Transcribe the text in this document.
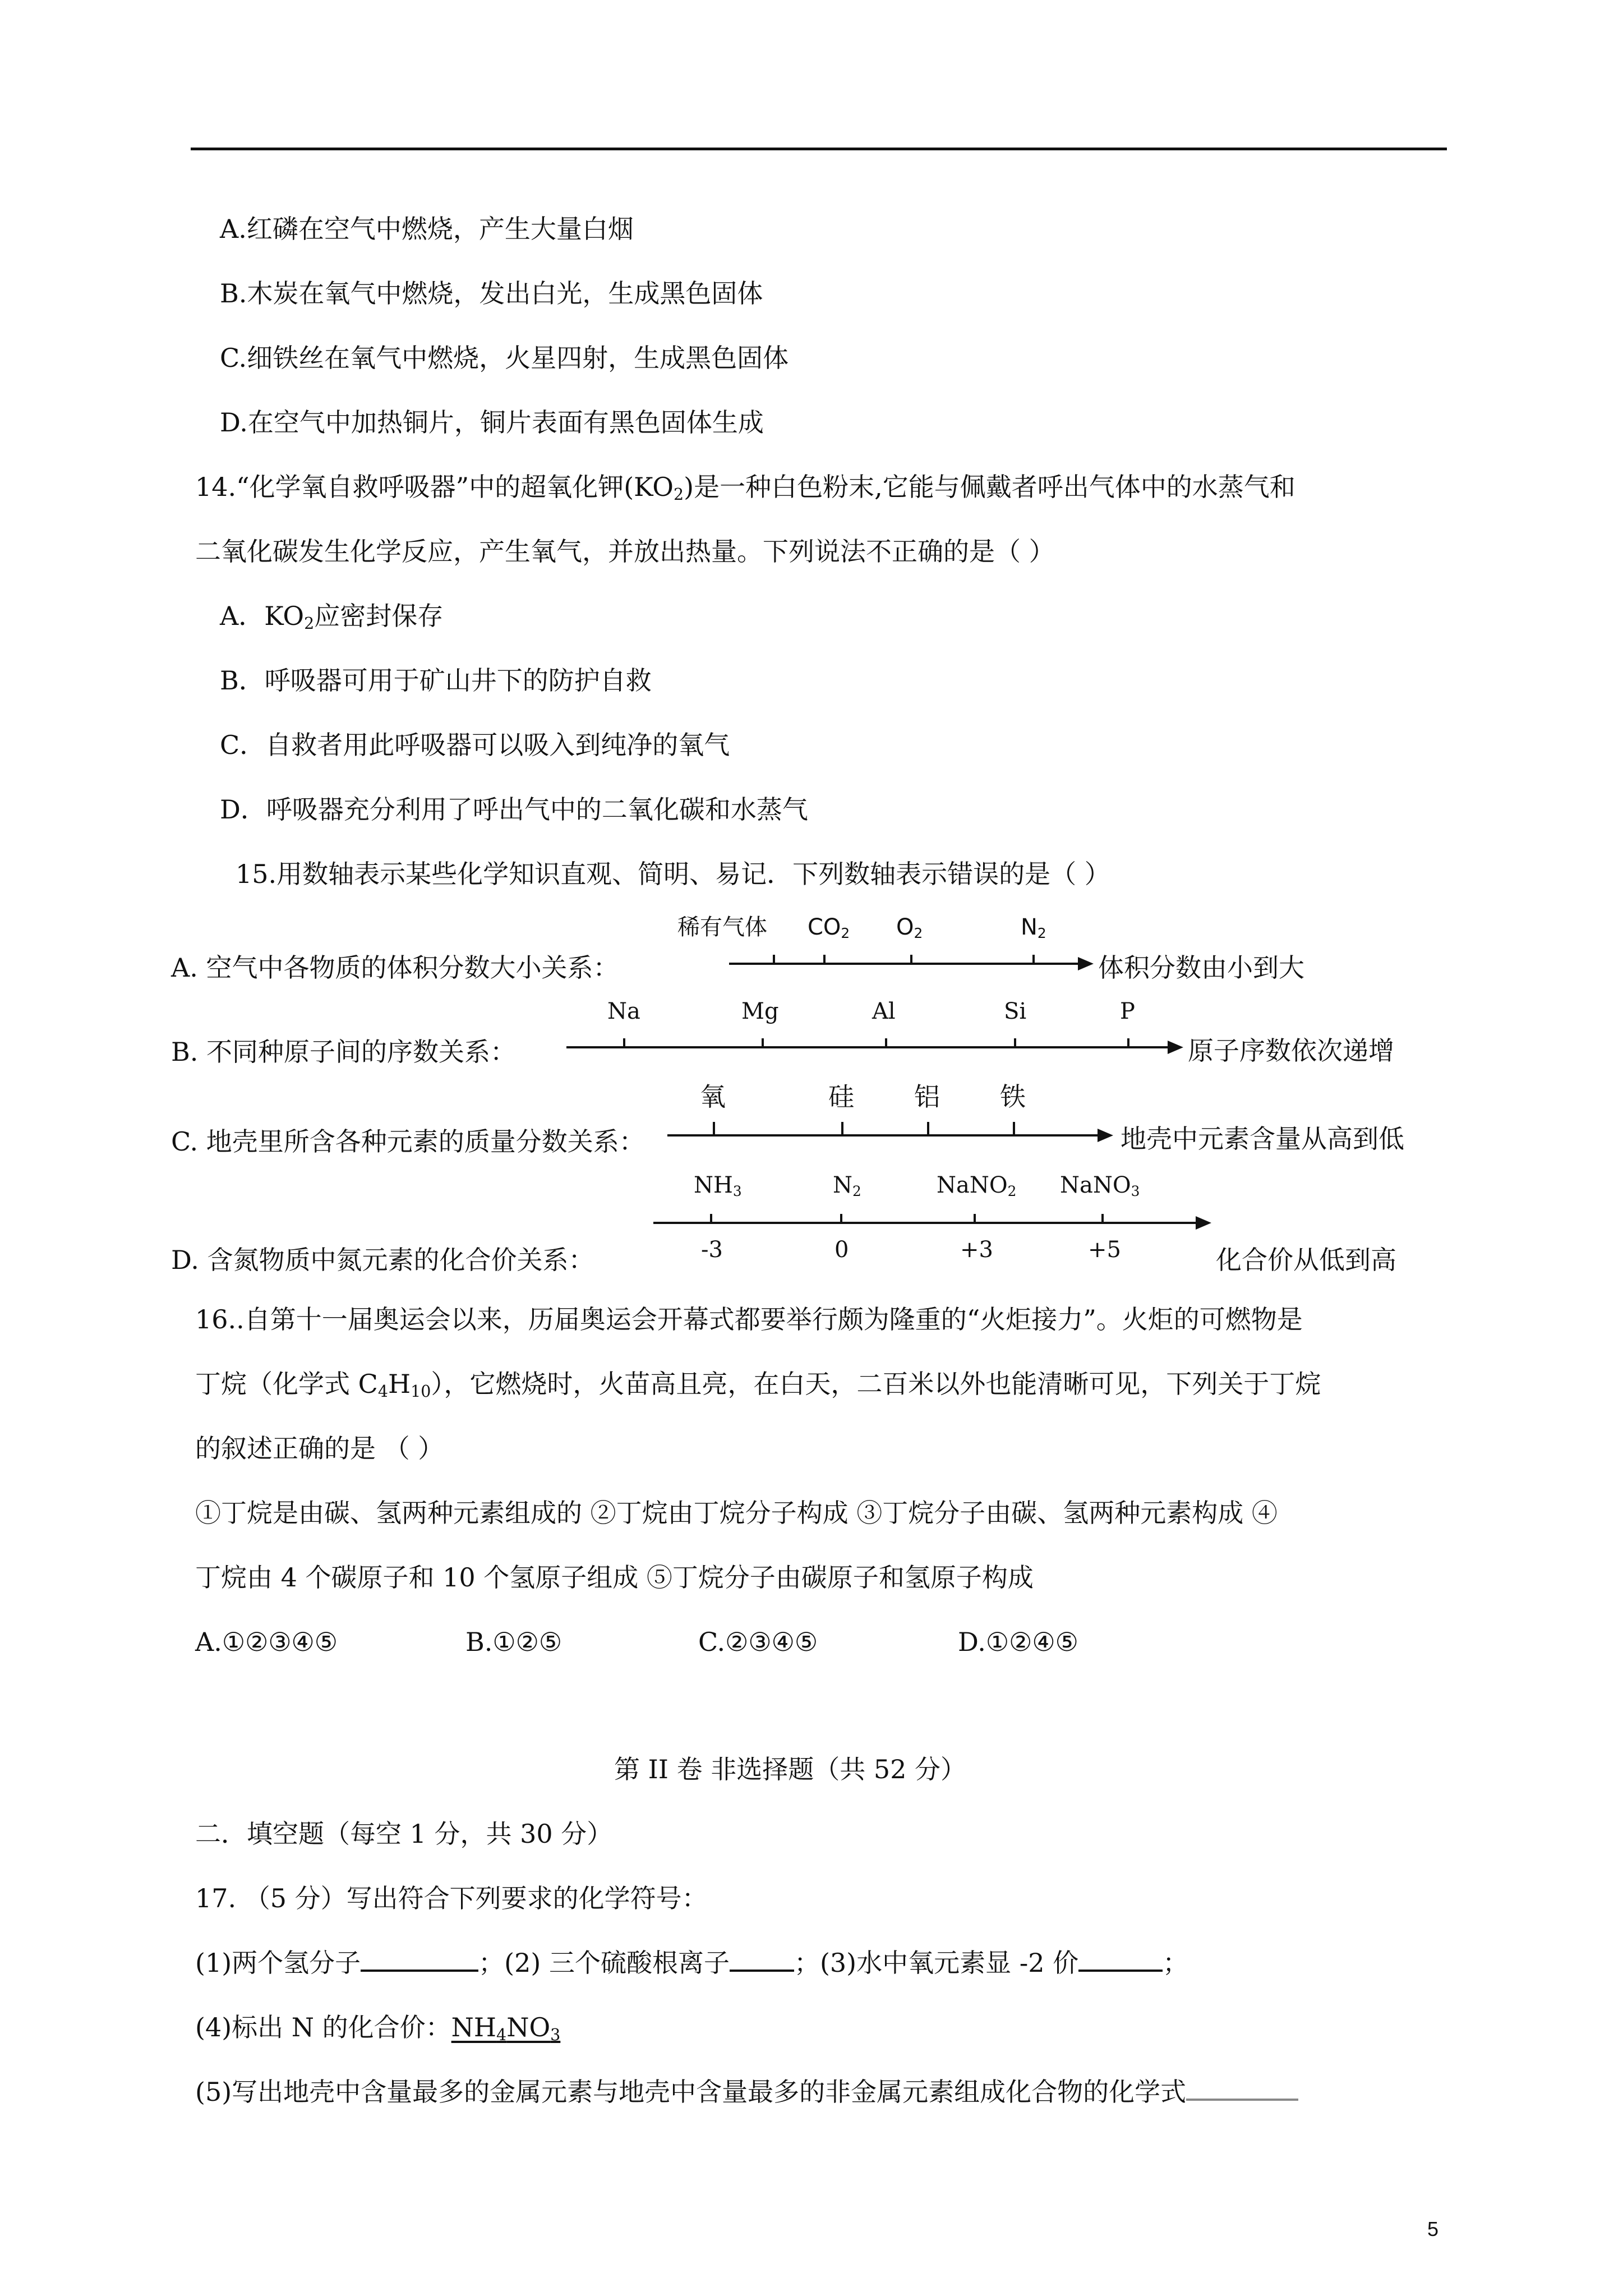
A.红磷在空气中燃烧，产生大量白烟
B.木炭在氧气中燃烧，发出白光，生成黑色固体
C.细铁丝在氧气中燃烧，火星四射，生成黑色固体
D.在空气中加热铜片，铜片表面有黑色固体生成
14.“化学氧自救呼吸器”中的超氧化钾$(KO_2)$是一种白色粉末,它能与佩戴者呼出气体中的水蒸气和
二氧化碳发生化学反应，产生氧气，并放出热量。下列说法不正确的是（ ）
A．$KO_2$应密封保存
B．呼吸器可用于矿山井下的防护自救
C．自救者用此呼吸器可以吸入到纯净的氧气
D．呼吸器充分利用了呼出气中的二氧化碳和水蒸气
15.用数轴表示某些化学知识直观、简明、易记．下列数轴表示错误的是（ ）
A. 空气中各物质的体积分数大小关系：
稀有气体 $CO_2$ $O_2$	$N_2$
体积分数由小到大
B. 不同种原子间的序数关系：
Na	Mg	Al	Si	P
原子序数依次递增
C. 地壳里所含各种元素的质量分数关系：
氧	硅 铝 铁
地壳中元素含量从高到低
D. 含氮物质中氮元素的化合价关系：
$NH_3$	$N_2$	NaNO$_2$ NaNO$_3$
-3	0	+3	+5	化合价从低到高
16..自第十一届奥运会以来，历届奥运会开幕式都要举行颇为隆重的“火炬接力”。火炬的可燃物是
丁烷（化学式 $C_4H_{10}$），它燃烧时，火苗高且亮，在白天，二百米以外也能清晰可见，下列关于丁烷
的叙述正确的是 （ ）
①丁烷是由碳、氢两种元素组成的 ②丁烷由丁烷分子构成 ③丁烷分子由碳、氢两种元素构成 ④
丁烷由 4 个碳原子和 10 个氢原子组成 ⑤丁烷分子由碳原子和氢原子构成
A.①②③④⑤	B.①②⑤	C.②③④⑤	D.①②④⑤
第 II 卷 非选择题（共 52 分）
二．填空题（每空 1 分，共 30 分）
17. （5 分）写出符合下列要求的化学符号：
(1)两个氢分子	；(2) 三个硫酸根离子	；(3)水中氧元素显 -2 价	；
(4)标出 N 的化合价：$NH_4NO_3$
(5)写出地壳中含量最多的金属元素与地壳中含量最多的非金属元素组成化合物的化学式
5
